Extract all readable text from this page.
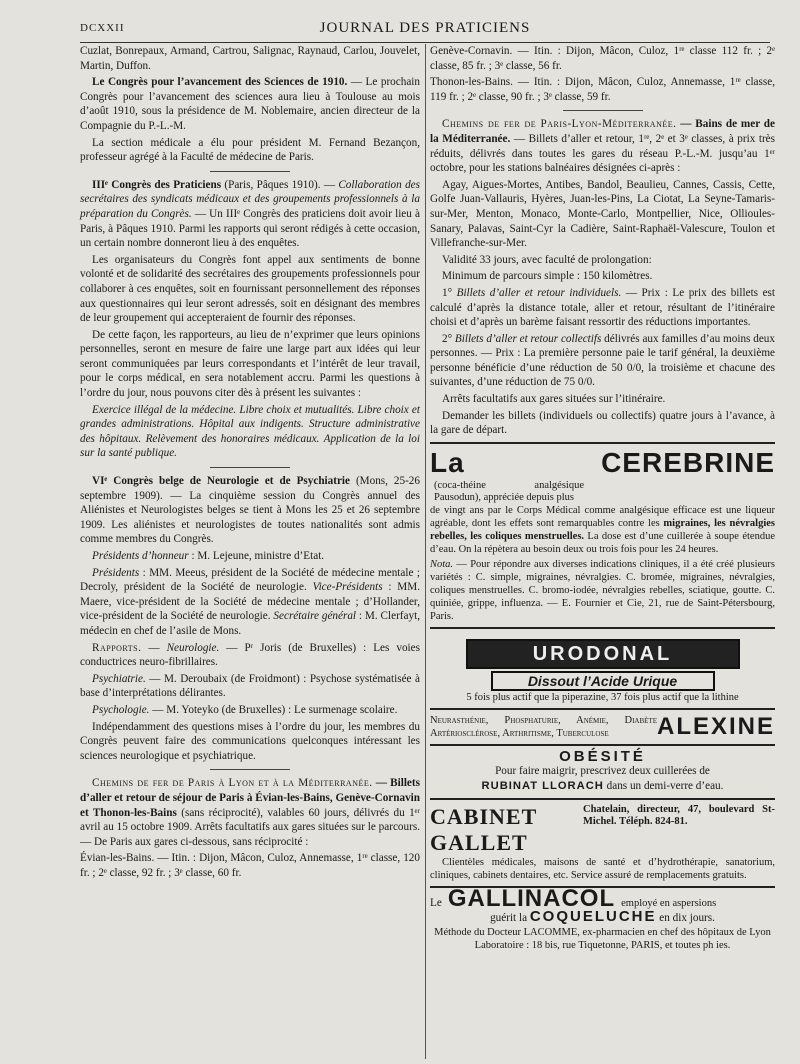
DCXXII	JOURNAL DES PRATICIENS

Cuzlat, Bonrepaux, Armand, Cartrou, Salignac, Raynaud, Carlou, Jouvelet, Martin, Duffon.

Le Congrès pour l’avancement des Sciences de 1910. — Le prochain Congrès pour l’avancement des sciences aura lieu à Toulouse au mois d’août 1910, sous la présidence de M. Noblemaire, ancien directeur de la Compagnie du P.-L.-M.

La section médicale a élu pour président M. Fernand Bezançon, professeur agrégé à la Faculté de médecine de Paris.

IIIᵉ Congrès des Praticiens (Paris, Pâques 1910). — Collaboration des secrétaires des syndicats médicaux et des groupements professionnels à la préparation du Congrès. — Un IIIᵉ Congrès des praticiens doit avoir lieu à Paris, à Pâques 1910. Parmi les rapports qui seront rédigés à cette occasion, un certain nombre donneront lieu à des enquêtes.

Les organisateurs du Congrès font appel aux sentiments de bonne volonté et de solidarité des secrétaires des groupements professionnels pour collaborer à ces enquêtes, soit en fournissant personnellement des réponses aux questionnaires qui leur seront adressés, soit en désignant des membres de leur groupement qui accepteraient de fournir des réponses.

De cette façon, les rapporteurs, au lieu de n’exprimer que leurs opinions personnelles, seront en mesure de faire une large part aux idées qui leur seront communiquées par leurs correspondants et l’intérêt de leur travail, pour le corps médical, en sera notablement accru. Parmi les questions à l’ordre du jour, nous pouvons citer dès à présent les suivantes :

Exercice illégal de la médecine. Libre choix et mutualités. Libre choix et grandes administrations. Hôpital aux indigents. Structure administrative des hôpitaux. Relèvement des honoraires médicaux. Application de la loi sur la santé publique.

VIᵉ Congrès belge de Neurologie et de Psychiatrie (Mons, 25-26 septembre 1909). — La cinquième session du Congrès annuel des Aliénistes et Neurologistes belges se tient à Mons les 25 et 26 septembre 1909. Les aliénistes et neurologistes de toutes nationalités sont admis comme membres du Congrès.

Présidents d’honneur : M. Lejeune, ministre d’Etat.

Présidents : MM. Meeus, président de la Société de médecine mentale ; Decroly, président de la Société de neurologie. Vice-Présidents : MM. Maere, vice-président de la Société de médecine mentale ; d’Hollander, vice-président de la Société de neurologie. Secrétaire général : M. Clerfayt, médecin en chef de l’asile de Mons.

Rapports. — Neurologie. — Pʳ Joris (de Bruxelles) : Les voies conductrices neuro-fibrillaires.

Psychiatrie. — M. Deroubaix (de Froidmont) : Psychose systématisée à base d’interprétations délirantes.

Psychologie. — M. Yoteyko (de Bruxelles) : Le surmenage scolaire.

Indépendamment des questions mises à l’ordre du jour, les membres du Congrès peuvent faire des communications quelconques intéressant les sciences neurologique et psychiatrique.

Chemins de fer de Paris à Lyon et à la Méditerranée. — Billets d’aller et retour de séjour de Paris à Évian-les-Bains, Genève-Cornavin et Thonon-les-Bains (sans réciprocité), valables 60 jours, délivrés du 1ᵉʳ avril au 15 octobre 1909. Arrêts facultatifs aux gares situées sur le parcours. — De Paris aux gares ci-dessous, sans réciprocité :

Évian-les-Bains. — Itin. : Dijon, Mâcon, Culoz, Annemasse, 1ʳᵉ classe, 120 fr. ; 2ᵉ classe, 92 fr. ; 3ᵉ classe, 60 fr.

Genève-Cornavin. — Itin. : Dijon, Mâcon, Culoz, 1ʳᵉ classe 112 fr. ; 2ᵉ classe, 85 fr. ; 3ᵉ classe, 56 fr.

Thonon-les-Bains. — Itin. : Dijon, Mâcon, Culoz, Annemasse, 1ʳᵉ classe, 119 fr. ; 2ᵉ classe, 90 fr. ; 3ᵉ classe, 59 fr.

Chemins de fer de Paris-Lyon-Méditerranée. — Bains de mer de la Méditerranée. — Billets d’aller et retour, 1ʳᵉ, 2ᵉ et 3ᵉ classes, à prix très réduits, délivrés dans toutes les gares du réseau P.-L.-M. jusqu’au 1ᵉʳ octobre, pour les stations balnéaires désignées ci-après :

Agay, Aigues-Mortes, Antibes, Bandol, Beaulieu, Cannes, Cassis, Cette, Golfe Juan-Vallauris, Hyères, Juan-les-Pins, La Ciotat, La Seyne-Tamaris-sur-Mer, Menton, Monaco, Monte-Carlo, Montpellier, Nice, Ollioules-Sanary, Palavas, Saint-Cyr la Cadière, Saint-Raphaël-Valescure, Toulon et Villefranche-sur-Mer.

Validité 33 jours, avec faculté de prolongation:

Minimum de parcours simple : 150 kilomètres.

1° Billets d’aller et retour individuels. — Prix : Le prix des billets est calculé d’après la distance totale, aller et retour, résultant de l’itinéraire choisi et d’après un barème faisant ressortir des réductions importantes.

2° Billets d’aller et retour collectifs délivrés aux familles d’au moins deux personnes. — Prix : La première personne paie le tarif général, la deuxième personne bénéficie d’une réduction de 50 0/0, la troisième et chacune des suivantes, d’une réduction de 75 0/0.

Arrêts facultatifs aux gares situées sur l’itinéraire.

Demander les billets (individuels ou collectifs) quatre jours à l’avance, à la gare de départ.

La CEREBRINE(coca-théine analgésique Pausodun), appréciée depuis plus

de vingt ans par le Corps Médical comme analgésique efficace est une liqueur agréable, dont les effets sont remarquables contre les migraines, les névralgies rebelles, les coliques menstruelles. La dose est d’une cuillerée à soupe étendue d’eau. On la répètera au besoin deux ou trois fois pour les 24 heures.

Nota. — Pour répondre aux diverses indications cliniques, il a été créé plusieurs variétés : C. simple, migraines, névralgies. C. bromée, migraines, névralgies, coliques menstruelles. C. bromo-iodée, névralgies rebelles, sciatique, goutte. C. quiniée, grippe, influenza. — E. Fournier et Cie, 21, rue de Saint-Pétersbourg, Paris.

URODONAL
Dissout l’Acide Urique
5 fois plus actif que la piperazine, 37 fois plus actif que la lithine
Neurasthénie, Phosphaturie, Anémie, Diabète Artériosclérose, Arthritisme, Tuberculose	ALEXINE
OBÉSITÉ
Pour faire maigrir, prescrivez deux cuillerées de
RUBINAT LLORACH dans un demi-verre d’eau.
CABINET GALLET
Chatelain, directeur, 47, boulevard St-Michel. Téléph. 824-81.

Clientèles médicales, maisons de santé et d’hydrothérapie, sanatorium, cliniques, cabinets dentaires, etc. Service assuré de remplacements gratuits.

Le GALLINACOL employé en aspersions
guérit la COQUELUCHE en dix jours.
Méthode du Docteur LACOMME, ex-pharmacien en chef des hôpitaux de Lyon
Laboratoire : 18 bis, rue Tiquetonne, PARIS, et toutes ph ies.
